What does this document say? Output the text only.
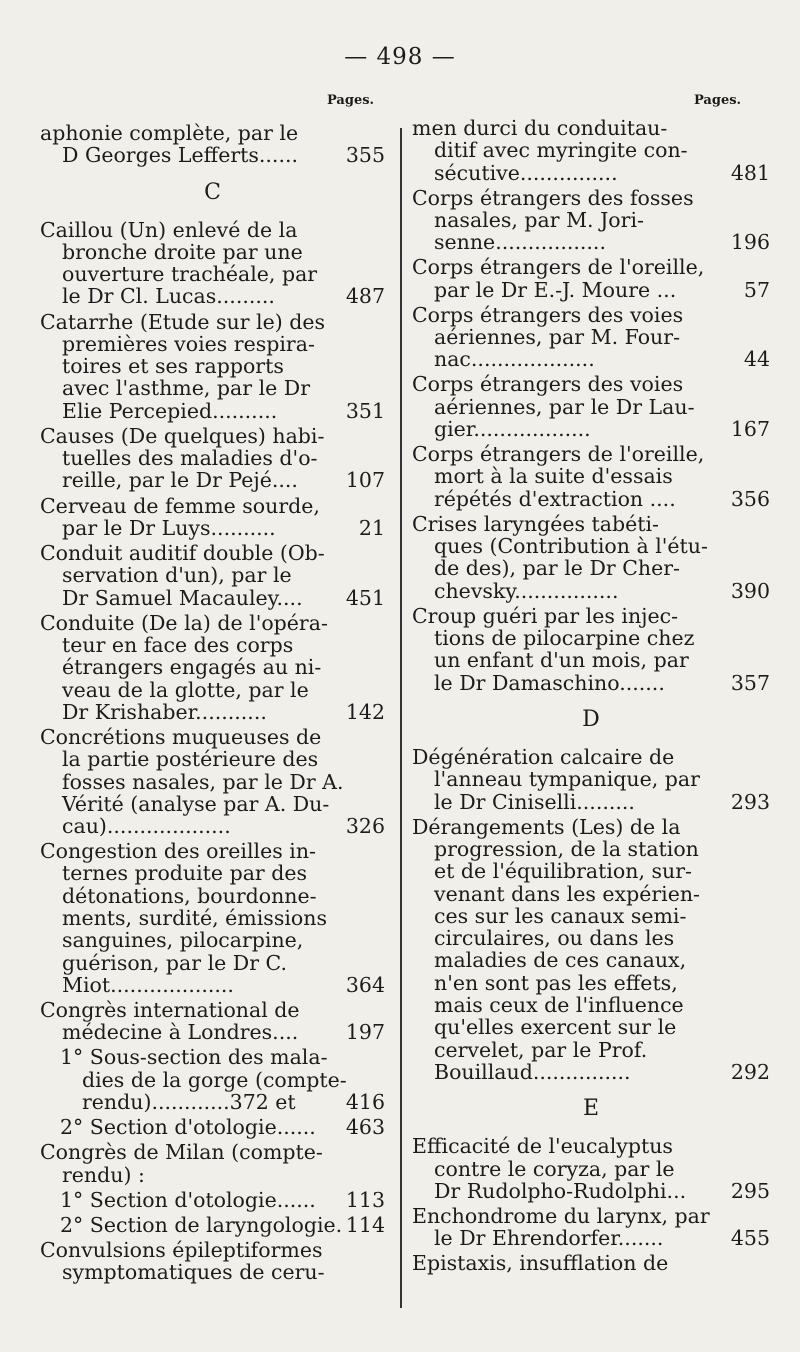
— 498 —
Pages.	Pages.
aphonie complète, par le
D Georges Lefferts...... 355
C
Caillou (Un) enlevé de la
bronche droite par une
ouverture trachéale, par
le Dr Cl. Lucas.........	487
Catarrhe (Etude sur le) des
premières voies respira-
toires et ses rapports
avec l'asthme, par le Dr
Elie Percepied..........	351
Causes (De quelques) habi-
tuelles des maladies d'o-
reille, par le Dr Pejé.... 107
Cerveau de femme sourde,
par le Dr Luys..........	21
Conduit auditif double (Ob-
servation d'un), par le
Dr Samuel Macauley.... 451
Conduite (De la) de l'opéra-
teur en face des corps
étrangers engagés au ni-
veau de la glotte, par le
Dr Krishaber...........	142
Concrétions muqueuses de
la partie postérieure des
fosses nasales, par le Dr A.
Vérité (analyse par A. Du-
cau)...................	326
Congestion des oreilles in-
ternes produite par des
détonations, bourdonne-
ments, surdité, émissions
sanguines, pilocarpine,
guérison, par le Dr C.
Miot...................	364
Congrès international de
médecine à Londres.... 197
1° Sous-section des mala-
dies de la gorge (compte-
rendu)............372 et 416
2° Section d'otologie...... 463
Congrès de Milan (compte-
rendu) :
1° Section d'otologie...... 113
2° Section de laryngologie. 114
Convulsions épileptiformes
symptomatiques de ceru-
men durci du conduitau-
ditif avec myringite con-
sécutive...............	481
Corps étrangers des fosses
nasales, par M. Jori-
senne.................	196
Corps étrangers de l'oreille,
par le Dr E.-J. Moure ...	57
Corps étrangers des voies
aériennes, par M. Four-
nac...................	44
Corps étrangers des voies
aériennes, par le Dr Lau-
gier..................	167
Corps étrangers de l'oreille,
mort à la suite d'essais
répétés d'extraction ....	356
Crises laryngées tabéti-
ques (Contribution à l'étu-
de des), par le Dr Cher-
chevsky................	390
Croup guéri par les injec-
tions de pilocarpine chez
un enfant d'un mois, par
le Dr Damaschino.......	357
D
Dégénération calcaire de
l'anneau tympanique, par
le Dr Ciniselli.........	293
Dérangements (Les) de la
progression, de la station
et de l'équilibration, sur-
venant dans les expérien-
ces sur les canaux semi-
circulaires, ou dans les
maladies de ces canaux,
n'en sont pas les effets,
mais ceux de l'influence
qu'elles exercent sur le
cervelet, par le Prof.
Bouillaud...............	292
E
Efficacité de l'eucalyptus
contre le coryza, par le
Dr Rudolpho-Rudolphi... 295
Enchondrome du larynx, par
le Dr Ehrendorfer.......	455
Epistaxis, insufflation de
